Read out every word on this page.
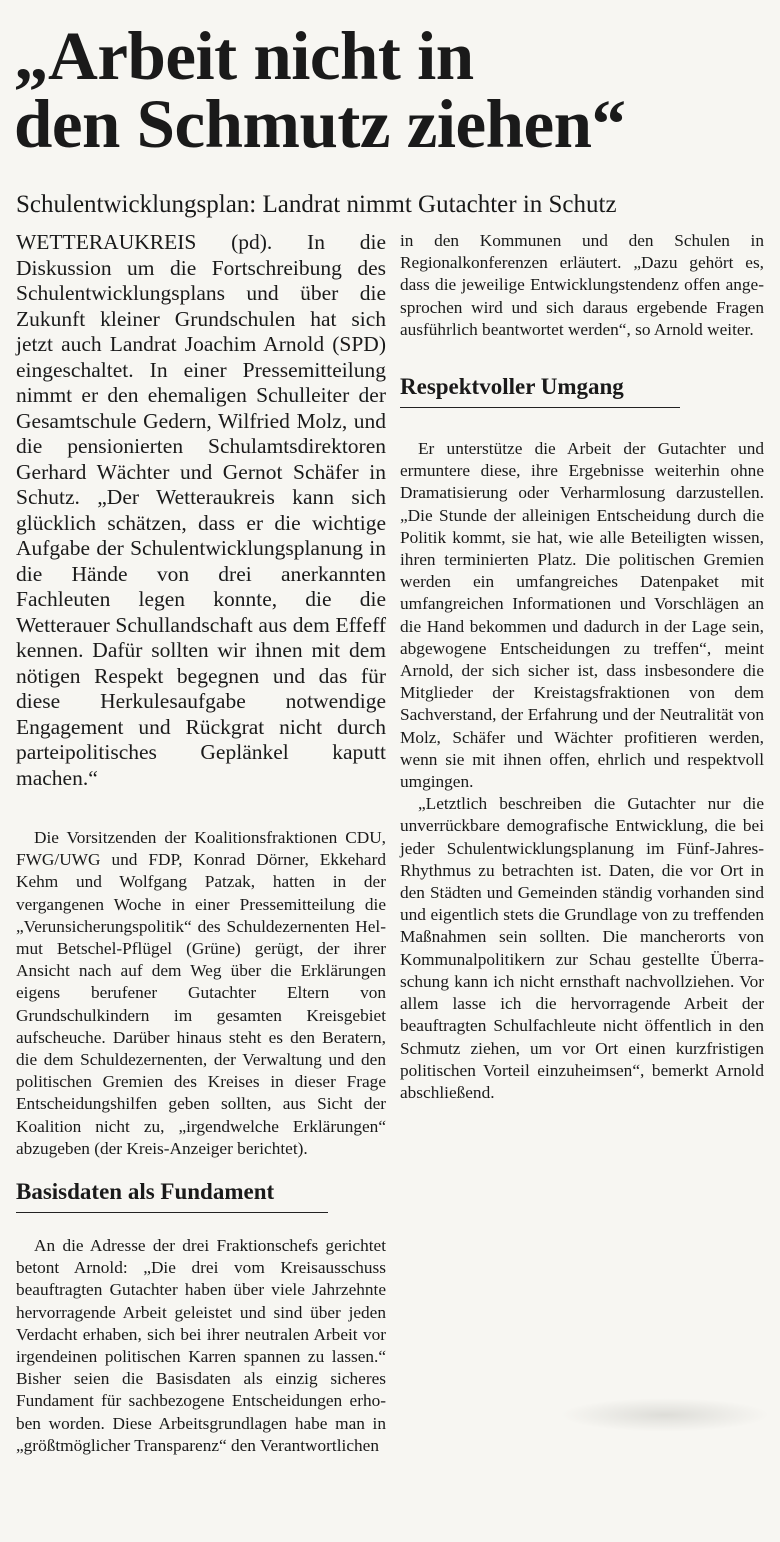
„Arbeit nicht in
den Schmutz ziehen“

Schulentwicklungsplan: Landrat nimmt Gutachter in Schutz

WETTERAUKREIS (pd). In die Diskussion um die Fortschreibung des Schulentwicklungsplans und über die Zukunft kleiner Grundschulen hat sich jetzt auch Landrat Joachim Arnold (SPD) eingeschaltet. In einer Pressemitteilung nimmt er den ehemaligen Schulleiter der Gesamtschule Gedern, Wilfried Molz, und die pensionierten Schulamtsdirektoren Gerhard Wächter und Gernot Schäfer in Schutz. „Der Wetteraukreis kann sich glücklich schätzen, dass er die wichtige Aufgabe der Schulentwicklungsplanung in die Hände von drei anerkannten Fachleuten legen konnte, die die Wetterauer Schullandschaft aus dem Effeff kennen. Dafür sollten wir ihnen mit dem nötigen Respekt begegnen und das für diese Herkulesaufgabe notwendige Engagement und Rückgrat nicht durch parteipolitisches Geplänkel kaputt machen.“

Die Vorsitzenden der Koalitionsfraktionen CDU, FWG/UWG und FDP, Konrad Dörner, Ekkehard Kehm und Wolfgang Patzak, hatten in der vergangenen Woche in einer Pressemitteilung die „Verunsicherungspolitik“ des Schuldezernenten Helmut Betschel-Pflügel (Grüne) gerügt, der ihrer Ansicht nach auf dem Weg über die Erklärungen eigens berufener Gutachter Eltern von Grundschulkindern im gesamten Kreisgebiet aufscheuche. Darüber hinaus steht es den Beratern, die dem Schuldezernenten, der Verwaltung und den politischen Gremien des Kreises in dieser Frage Entscheidungshilfen geben sollten, aus Sicht der Koalition nicht zu, „irgendwelche Erklärungen“ abzugeben (der Kreis-Anzeiger berichtet).

Basisdaten als Fundament

An die Adresse der drei Fraktionschefs gerichtet betont Arnold: „Die drei vom Kreisausschuss beauftragten Gutachter haben über viele Jahrzehnte hervorragende Arbeit geleistet und sind über jeden Verdacht erhaben, sich bei ihrer neutralen Arbeit vor irgendeinen politischen Karren spannen zu lassen.“ Bisher seien die Basisdaten als einzig sicheres Fundament für sachbezogene Entscheidungen erhoben worden. Diese Arbeitsgrundlagen habe man in „größtmöglicher Transparenz“ den Verantwortlichen

in den Kommunen und den Schulen in Regionalkonferenzen erläutert. „Dazu gehört es, dass die jeweilige Entwicklungstendenz offen angesprochen wird und sich daraus ergebende Fragen ausführlich beantwortet werden“, so Arnold weiter.

Respektvoller Umgang

Er unterstütze die Arbeit der Gutachter und ermuntere diese, ihre Ergebnisse weiterhin ohne Dramatisierung oder Verharmlosung darzustellen. „Die Stunde der alleinigen Entscheidung durch die Politik kommt, sie hat, wie alle Beteiligten wissen, ihren terminierten Platz. Die politischen Gremien werden ein umfangreiches Datenpaket mit umfangreichen Informationen und Vorschlägen an die Hand bekommen und dadurch in der Lage sein, abgewogene Entscheidungen zu treffen“, meint Arnold, der sich sicher ist, dass insbesondere die Mitglieder der Kreistagsfraktionen von dem Sachverstand, der Erfahrung und der Neutralität von Molz, Schäfer und Wächter profitieren werden, wenn sie mit ihnen offen, ehrlich und respektvoll umgingen.

„Letztlich beschreiben die Gutachter nur die unverrückbare demografische Entwicklung, die bei jeder Schulentwicklungsplanung im Fünf-Jahres-Rhythmus zu betrachten ist. Daten, die vor Ort in den Städten und Gemeinden ständig vorhanden sind und eigentlich stets die Grundlage von zu treffenden Maßnahmen sein sollten. Die mancherorts von Kommunalpolitikern zur Schau gestellte Überraschung kann ich nicht ernsthaft nachvollziehen. Vor allem lasse ich die hervorragende Arbeit der beauftragten Schulfachleute nicht öffentlich in den Schmutz ziehen, um vor Ort einen kurzfristigen politischen Vorteil einzuheimsen“, bemerkt Arnold abschließend.
